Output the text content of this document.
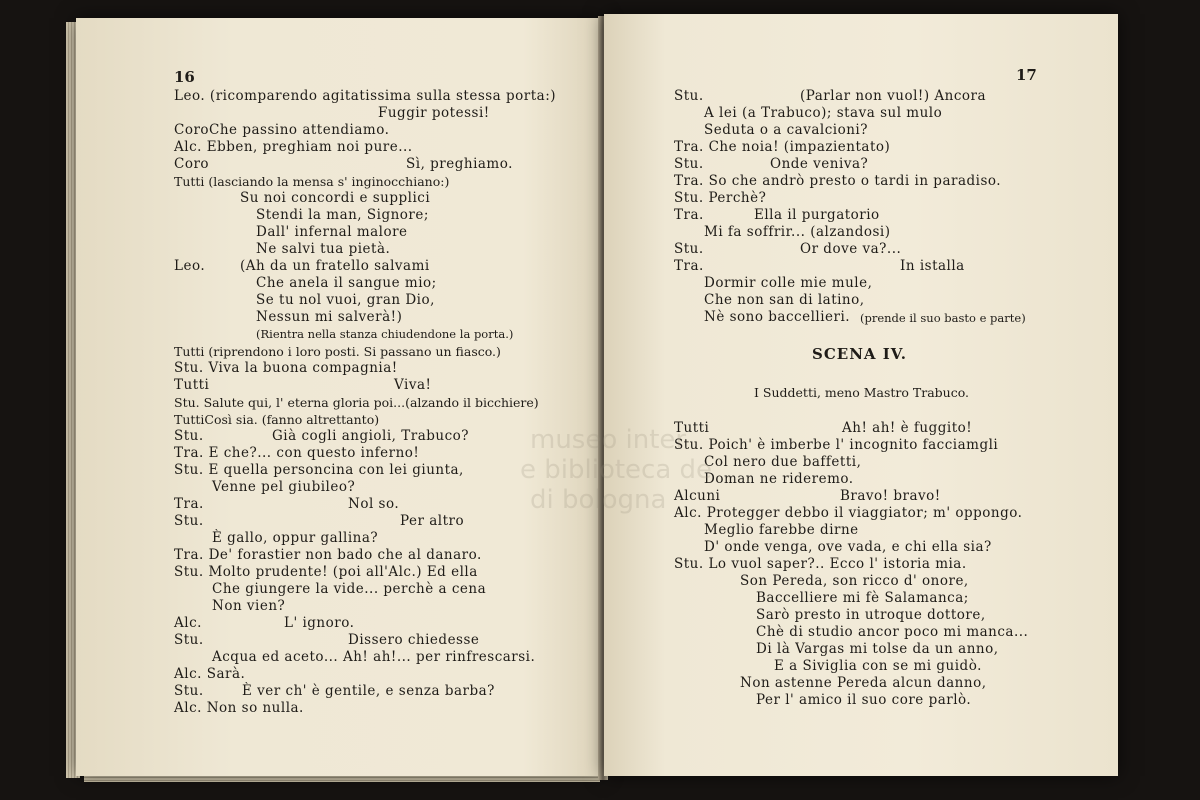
16
Leo. (ricomparendo agitatissima sulla stessa porta:)
Fuggir potessi!
CoroChe passino attendiamo.
Alc. Ebben, preghiam noi pure...
Coro	Sì, preghiamo.
Tutti (lasciando la mensa s' inginocchiano:)
Su noi concordi e supplici
Stendi la man, Signore;
Dall' infernal malore
Ne salvi tua pietà.
Leo.	(Ah da un fratello salvami
Che anela il sangue mio;
Se tu nol vuoi, gran Dio,
Nessun mi salverà!)
(Rientra nella stanza chiudendone la porta.)
Tutti (riprendono i loro posti. Si passano un fiasco.)
Stu. Viva la buona compagnia!
Tutti	Viva!
Stu. Salute qui, l' eterna gloria poi...(alzando il bicchiere)
TuttiCosì sia. (fanno altrettanto)
Stu.	Già cogli angioli, Trabuco?
Tra. E che?... con questo inferno!
Stu. E quella personcina con lei giunta,
Venne pel giubileo?
Tra.	Nol so.
Stu.	Per altro
È gallo, oppur gallina?
Tra. De' forastier non bado che al danaro.
Stu. Molto prudente! (poi all'Alc.) Ed ella
Che giungere la vide... perchè a cena
Non vien?
Alc.	L' ignoro.
Stu.	Dissero chiedesse
Acqua ed aceto... Ah! ah!... per rinfrescarsi.
Alc. Sarà.
Stu.	È ver ch' è gentile, e senza barba?
Alc. Non so nulla.
17
Stu.	(Parlar non vuol!) Ancora
A lei (a Trabuco); stava sul mulo
Seduta o a cavalcioni?
Tra. Che noia! (impazientato)
Stu.	Onde veniva?
Tra. So che andrò presto o tardi in paradiso.
Stu. Perchè?
Tra.	Ella il purgatorio
Mi fa soffrir... (alzandosi)
Stu.	Or dove va?...
Tra.	In istalla
Dormir colle mie mule,
Che non san di latino,
Nè sono baccellieri. (prende il suo basto e parte)
SCENA IV.
I Suddetti, meno Mastro Trabuco.
Tutti	Ah! ah! è fuggito!
Stu. Poich' è imberbe l' incognito facciamgli
Col nero due baffetti,
Doman ne rideremo.
Alcuni	Bravo! bravo!
Alc. Protegger debbo il viaggiator; m' oppongo.
Meglio farebbe dirne
D' onde venga, ove vada, e chi ella sia?
Stu. Lo vuol saper?.. Ecco l' istoria mia.
Son Pereda, son ricco d' onore,
Baccelliere mi fè Salamanca;
Sarò presto in utroque dottore,
Chè di studio ancor poco mi manca...
Di là Vargas mi tolse da un anno,
E a Siviglia con se mi guidò.
Non astenne Pereda alcun danno,
Per l' amico il suo core parlò.
museo inter
e biblioteca de
di bologna
